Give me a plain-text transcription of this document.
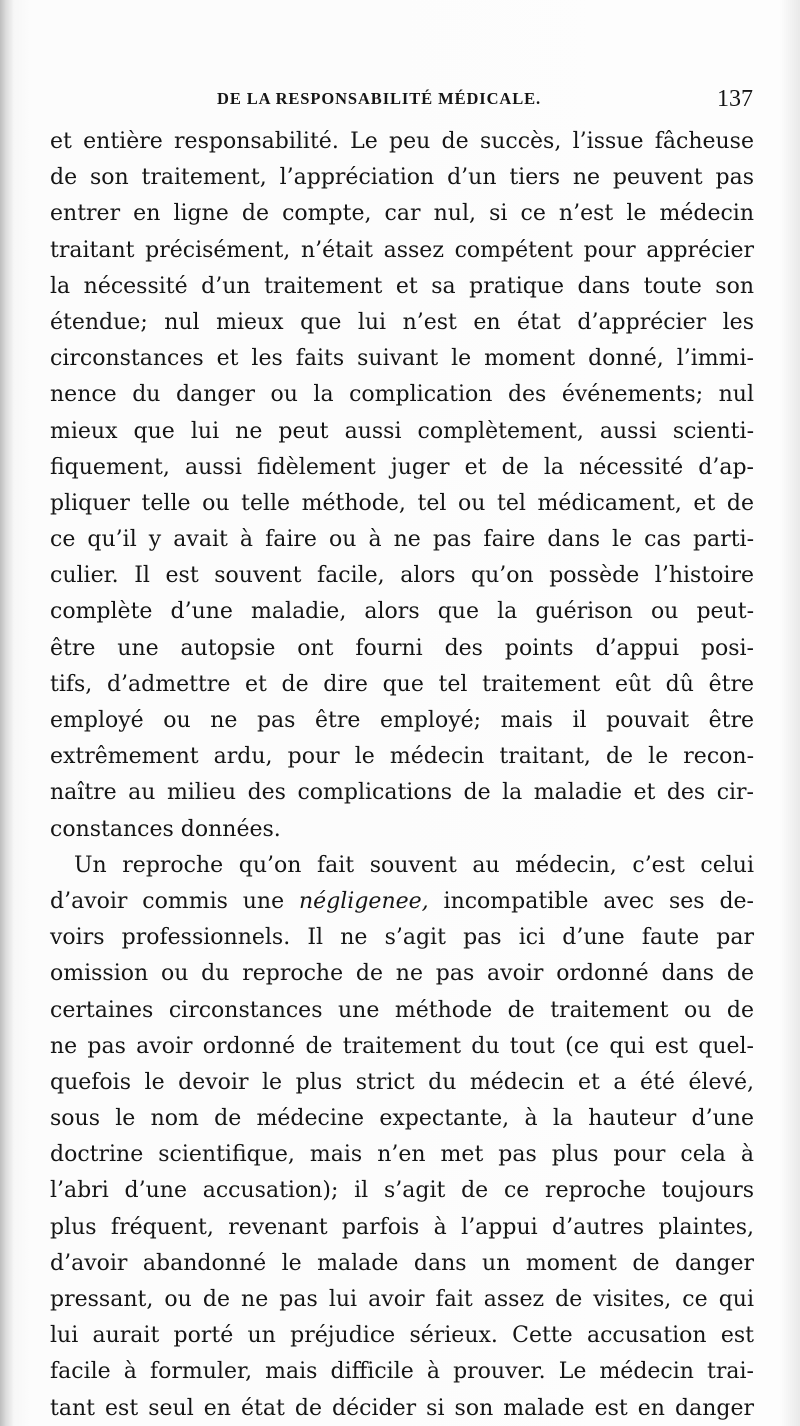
DE LA RESPONSABILITÉ MÉDICALE.	137
et entière responsabilité. Le peu de succès, l’issue fâcheuse
de son traitement, l’appréciation d’un tiers ne peuvent pas
entrer en ligne de compte, car nul, si ce n’est le médecin
traitant précisément, n’était assez compétent pour apprécier
la nécessité d’un traitement et sa pratique dans toute son
étendue; nul mieux que lui n’est en état d’apprécier les
circonstances et les faits suivant le moment donné, l’immi-
nence du danger ou la complication des événements; nul
mieux que lui ne peut aussi complètement, aussi scienti-
fiquement, aussi fidèlement juger et de la nécessité d’ap-
pliquer telle ou telle méthode, tel ou tel médicament, et de
ce qu’il y avait à faire ou à ne pas faire dans le cas parti-
culier. Il est souvent facile, alors qu’on possède l’histoire
complète d’une maladie, alors que la guérison ou peut-
être une autopsie ont fourni des points d’appui posi-
tifs, d’admettre et de dire que tel traitement eût dû être
employé ou ne pas être employé; mais il pouvait être
extrêmement ardu, pour le médecin traitant, de le recon-
naître au milieu des complications de la maladie et des cir-
constances données.
Un reproche qu’on fait souvent au médecin, c’est celui
d’avoir commis une négligenee, incompatible avec ses de-
voirs professionnels. Il ne s’agit pas ici d’une faute par
omission ou du reproche de ne pas avoir ordonné dans de
certaines circonstances une méthode de traitement ou de
ne pas avoir ordonné de traitement du tout (ce qui est quel-
quefois le devoir le plus strict du médecin et a été élevé,
sous le nom de médecine expectante, à la hauteur d’une
doctrine scientifique, mais n’en met pas plus pour cela à
l’abri d’une accusation); il s’agit de ce reproche toujours
plus fréquent, revenant parfois à l’appui d’autres plaintes,
d’avoir abandonné le malade dans un moment de danger
pressant, ou de ne pas lui avoir fait assez de visites, ce qui
lui aurait porté un préjudice sérieux. Cette accusation est
facile à formuler, mais difficile à prouver. Le médecin trai-
tant est seul en état de décider si son malade est en danger
